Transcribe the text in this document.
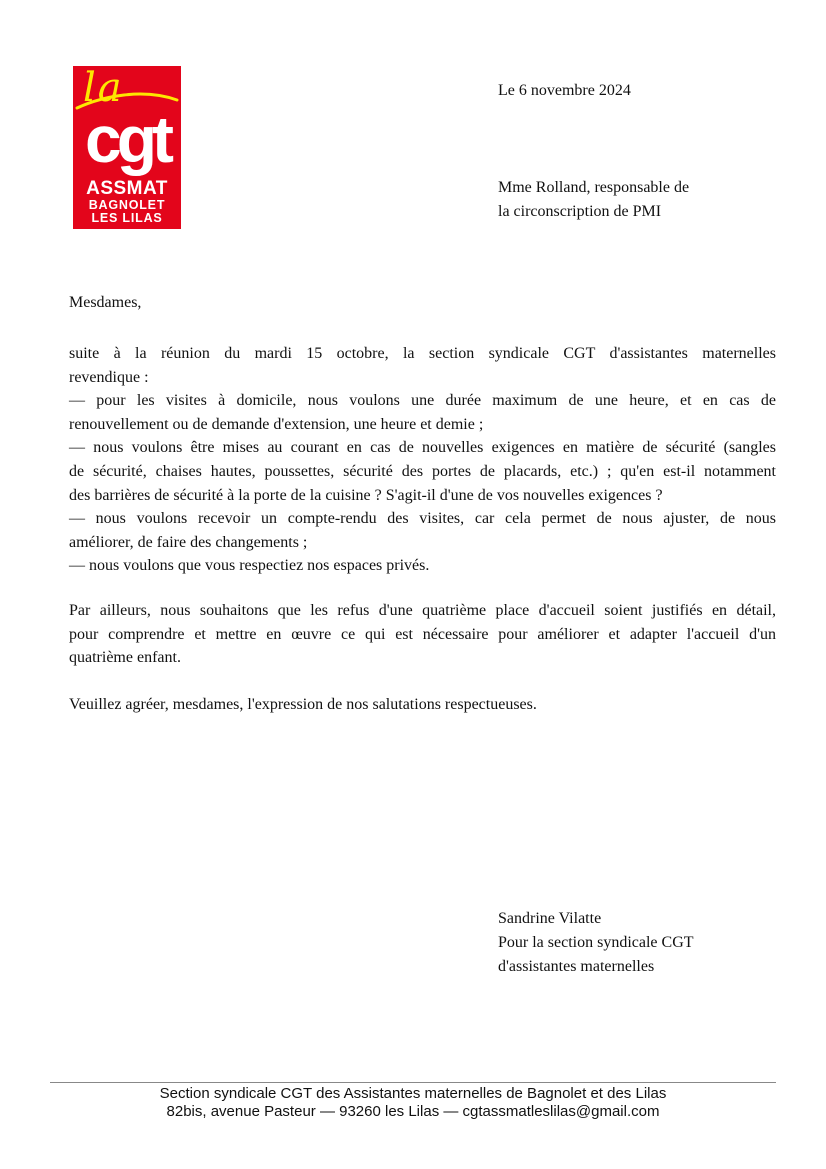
la
cgt
ASSMAT
BAGNOLET
LES LILAS
Le 6 novembre 2024
Mme Rolland, responsable de
la circonscription de PMI
Mesdames,
suite à la réunion du mardi 15 octobre, la section syndicale CGT d'assistantes maternelles
revendique :
— pour les visites à domicile, nous voulons une durée maximum de une heure, et en cas de
renouvellement ou de demande d'extension, une heure et demie ;
— nous voulons être mises au courant en cas de nouvelles exigences en matière de sécurité (sangles
de sécurité, chaises hautes, poussettes, sécurité des portes de placards, etc.) ; qu'en est-il notamment
des barrières de sécurité à la porte de la cuisine ? S'agit-il d'une de vos nouvelles exigences ?
— nous voulons recevoir un compte-rendu des visites, car cela permet de nous ajuster, de nous
améliorer, de faire des changements ;
— nous voulons que vous respectiez nos espaces privés.
Par ailleurs, nous souhaitons que les refus d'une quatrième place d'accueil soient justifiés en détail,
pour comprendre et mettre en œuvre ce qui est nécessaire pour améliorer et adapter l'accueil d'un
quatrième enfant.
Veuillez agréer, mesdames, l'expression de nos salutations respectueuses.
Sandrine Vilatte
Pour la section syndicale CGT
d'assistantes maternelles
Section syndicale CGT des Assistantes maternelles de Bagnolet et des Lilas
82bis, avenue Pasteur — 93260 les Lilas — cgtassmatleslilas@gmail.com
